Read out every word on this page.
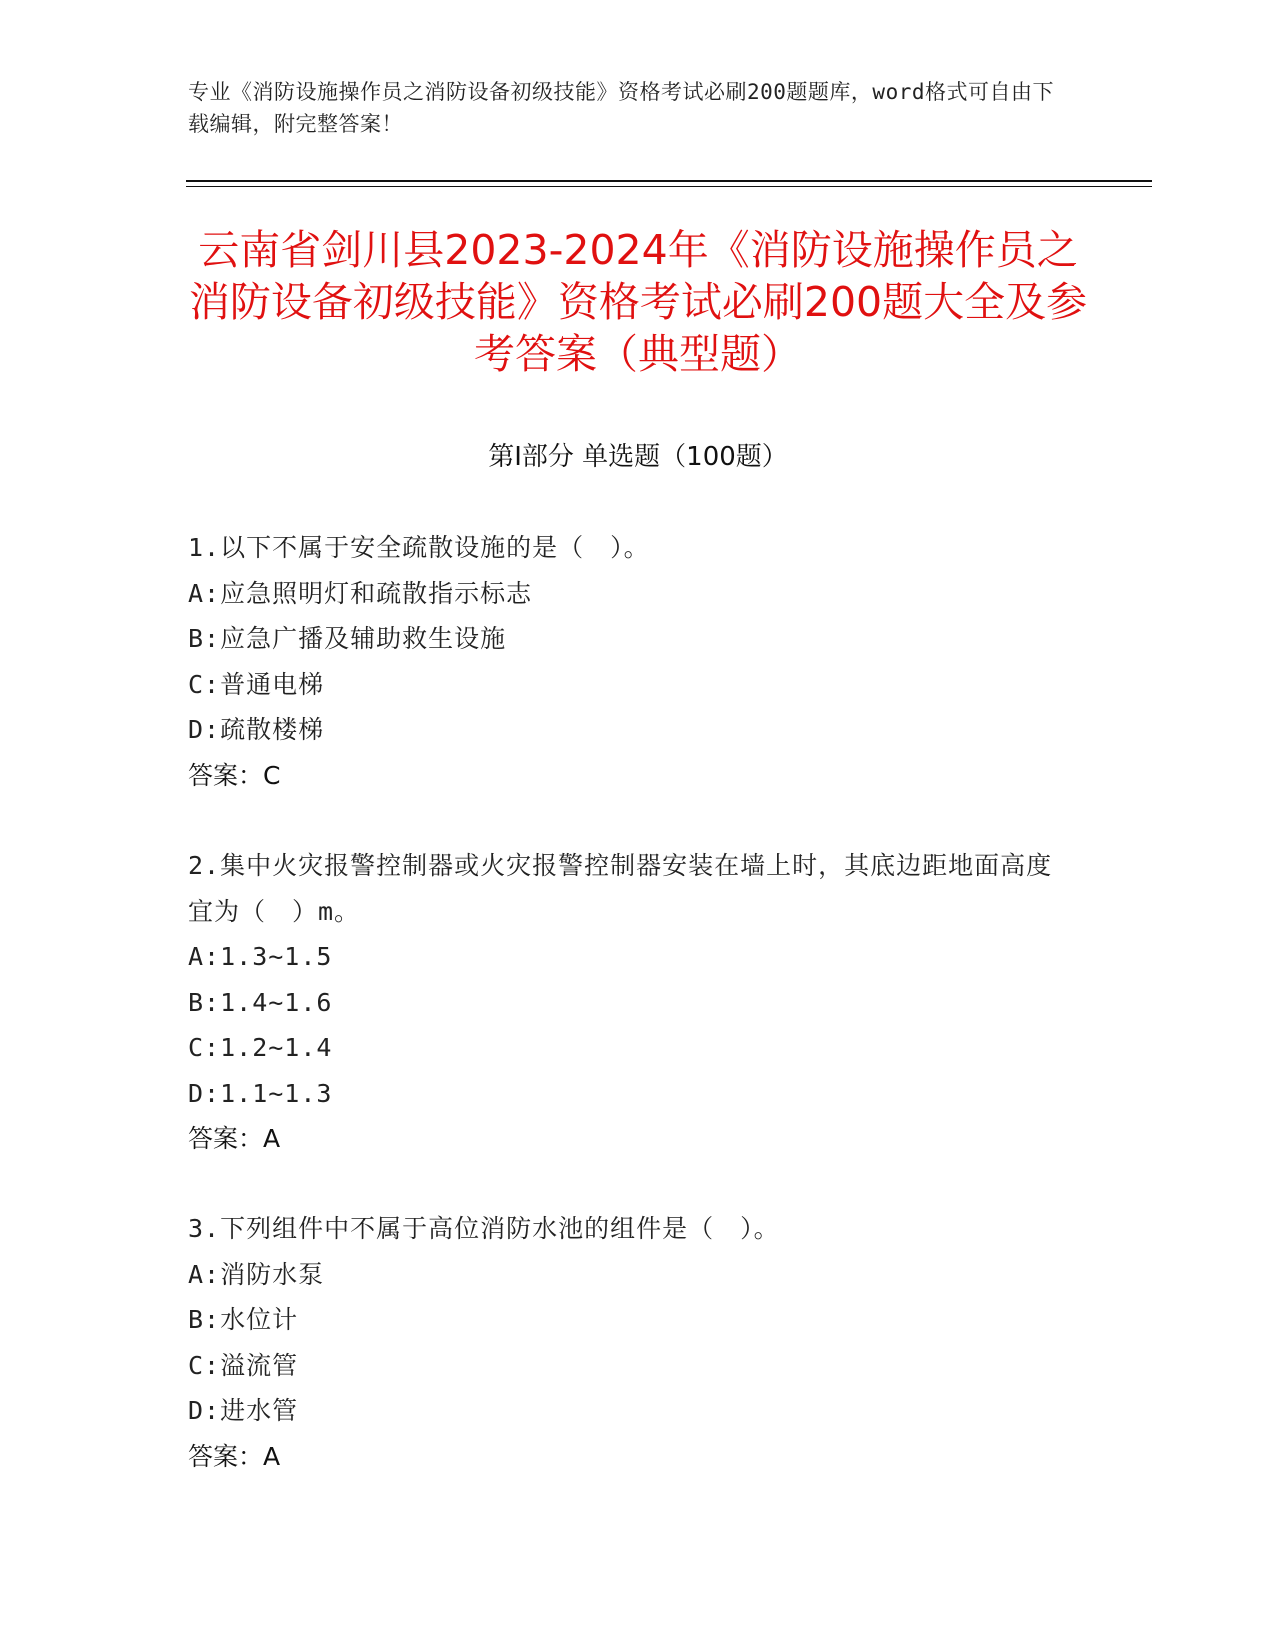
专业《消防设施操作员之消防设备初级技能》资格考试必刷200题题库，word格式可自由下载编辑，附完整答案！
云南省剑川县2023-2024年《消防设施操作员之消防设备初级技能》资格考试必刷200题大全及参考答案（典型题）
第I部分 单选题（100题）
1.以下不属于安全疏散设施的是（　）。
A:应急照明灯和疏散指示标志
B:应急广播及辅助救生设施
C:普通电梯
D:疏散楼梯
答案：C
2.集中火灾报警控制器或火灾报警控制器安装在墙上时，其底边距地面高度宜为（　）m。
A:1.3~1.5
B:1.4~1.6
C:1.2~1.4
D:1.1~1.3
答案：A
3.下列组件中不属于高位消防水池的组件是（　）。
A:消防水泵
B:水位计
C:溢流管
D:进水管
答案：A
